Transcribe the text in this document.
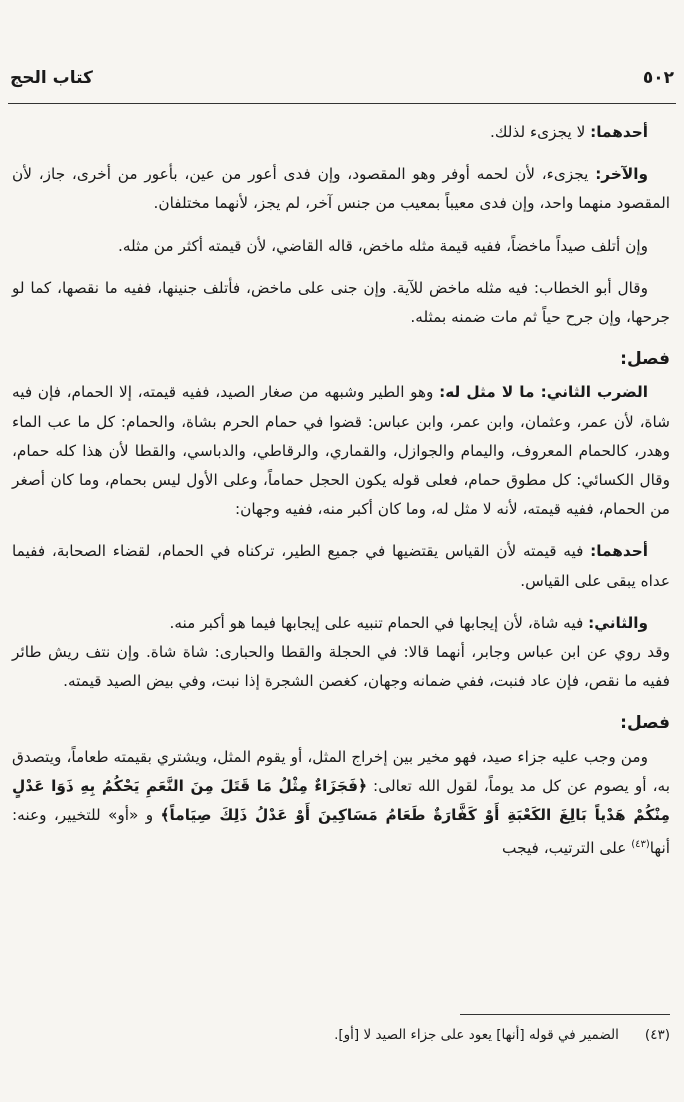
٥٠٢
كتاب الحج

أحدهما: لا يجزىء لذلك.

والآخر: يجزىء، لأن لحمه أوفر وهو المقصود، وإن فدى أعور من عين، بأعور من أخرى، جاز، لأن المقصود منهما واحد، وإن فدى معيباً بمعيب من جنس آخر، لم يجز، لأنهما مختلفان.

وإن أتلف صيداً ماخضاً، ففيه قيمة مثله ماخض، قاله القاضي، لأن قيمته أكثر من مثله.

وقال أبو الخطاب: فيه مثله ماخض للآية. وإن جنى على ماخض، فأتلف جنينها، ففيه ما نقصها، كما لو جرحها، وإن جرح حياً ثم مات ضمنه بمثله.

فصل:

الضرب الثاني: ما لا مثل له: وهو الطير وشبهه من صغار الصيد، ففيه قيمته، إلا الحمام، فإن فيه شاة، لأن عمر، وعثمان، وابن عمر، وابن عباس: قضوا في حمام الحرم بشاة، والحمام: كل ما عب الماء وهدر، كالحمام المعروف، واليمام والجوازل، والقماري، والرقاطي، والدباسي، والقطا لأن هذا كله حمام، وقال الكسائي: كل مطوق حمام، فعلى قوله يكون الحجل حماماً، وعلى الأول ليس بحمام، وما كان أصغر من الحمام، ففيه قيمته، لأنه لا مثل له، وما كان أكبر منه، ففيه وجهان:

أحدهما: فيه قيمته لأن القياس يقتضيها في جميع الطير، تركناه في الحمام، لقضاء الصحابة، ففيما عداه يبقى على القياس.

والثاني: فيه شاة، لأن إيجابها في الحمام تنبيه على إيجابها فيما هو أكبر منه.

وقد روي عن ابن عباس وجابر، أنهما قالا: في الحجلة والقطا والحبارى: شاة شاة. وإن نتف ريش طائر ففيه ما نقص، فإن عاد فنبت، ففي ضمانه وجهان، كغصن الشجرة إذا نبت، وفي بيض الصيد قيمته.

فصل:

ومن وجب عليه جزاء صيد، فهو مخير بين إخراج المثل، أو يقوم المثل، ويشتري بقيمته طعاماً، ويتصدق به، أو يصوم عن كل مد يوماً، لقول الله تعالى: ﴿فَجَزَاءٌ مِثْلُ مَا قَتَلَ مِنَ النَّعَمِ يَحْكُمُ بِهِ ذَوَا عَدْلٍ مِنْكُمْ هَدْياً بَالِغَ الكَعْبَةِ أَوْ كَفَّارَةٌ طَعَامُ مَسَاكِينَ أَوْ عَدْلُ ذَلِكَ صِيَاماً﴾ و «أو» للتخيير، وعنه: أنها$^{(٤٣)}$ على الترتيب، فيجب

(٤٣)الضمير في قوله [أنها] يعود على جزاء الصيد لا [أو].
